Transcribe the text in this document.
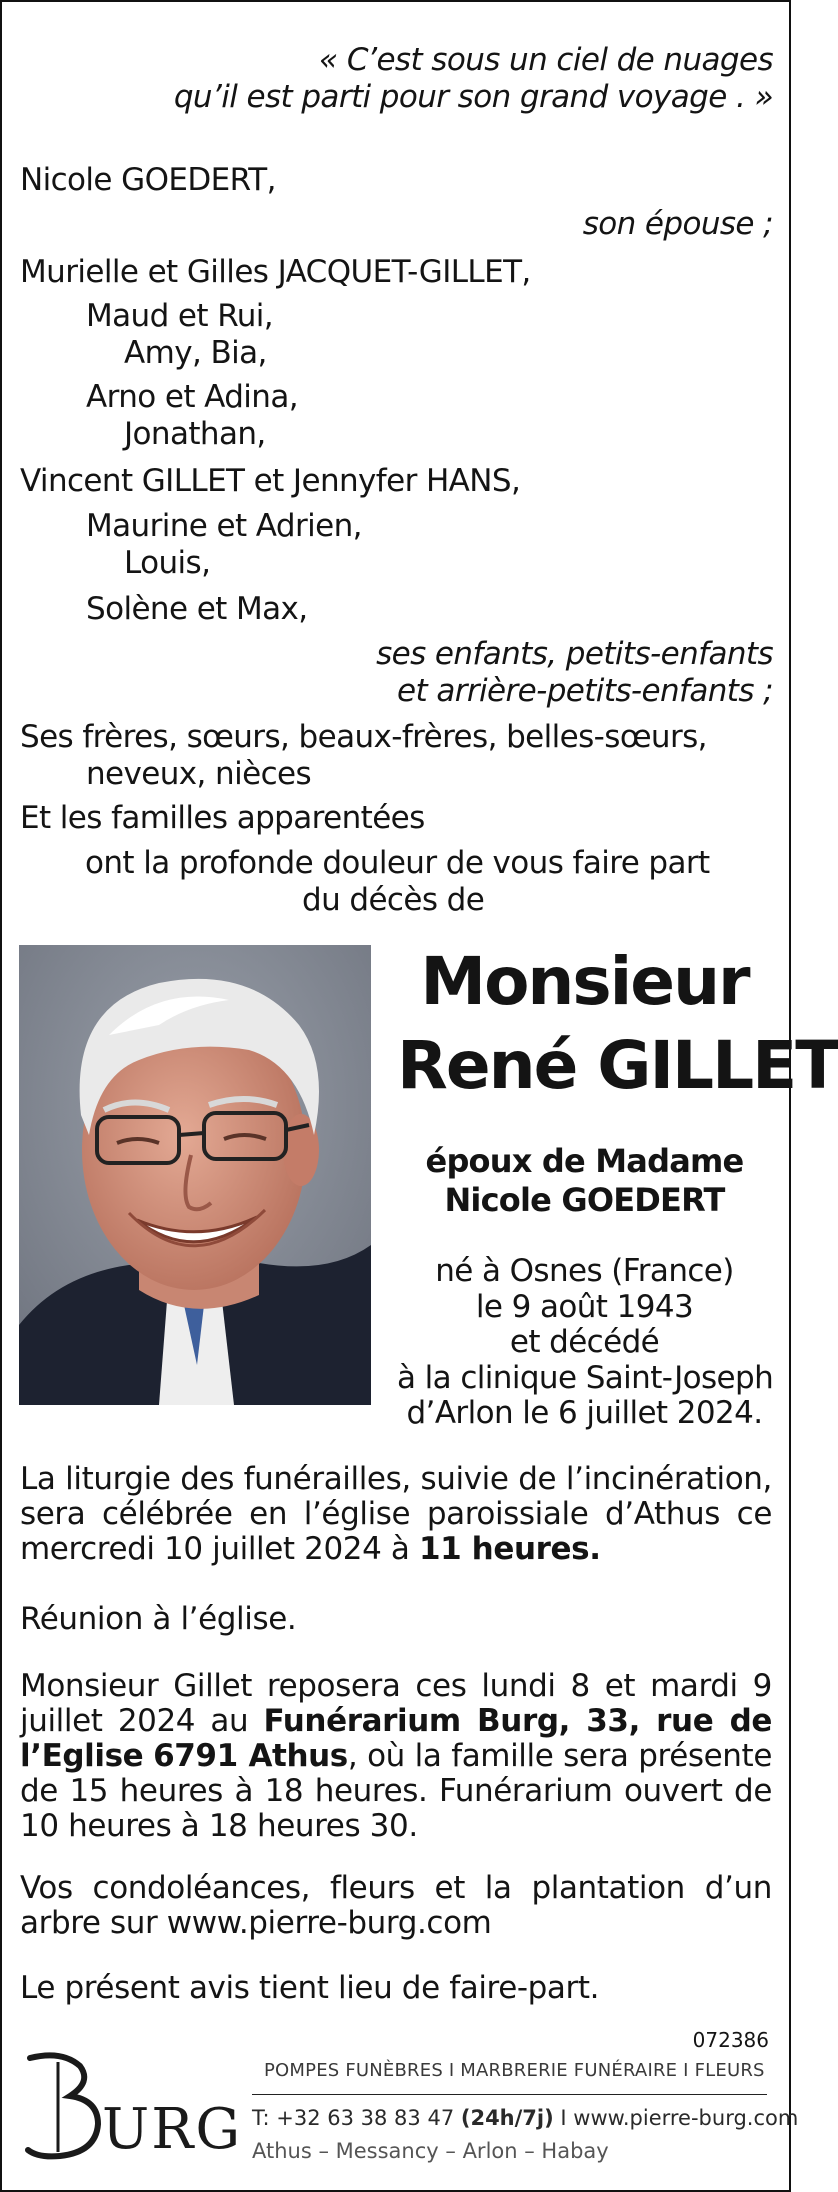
« C’est sous un ciel de nuages
qu’il est parti pour son grand voyage . »
Nicole GOEDERT,
son épouse ;
Murielle et Gilles JACQUET-GILLET,
Maud et Rui,
Amy, Bia,
Arno et Adina,
Jonathan,
Vincent GILLET et Jennyfer HANS,
Maurine et Adrien,
Louis,
Solène et Max,
ses enfants, petits-enfants
et arrière-petits-enfants ;
Ses frères, sœurs, beaux-frères, belles-sœurs,
neveux, nièces
Et les familles apparentées
ont la profonde douleur de vous faire part
du décès de
Monsieur
René GILLET
époux de Madame
Nicole GOEDERT
né à Osnes (France)
le 9 août 1943
et décédé
à la clinique Saint-Joseph
d’Arlon le 6 juillet 2024.
La liturgie des funérailles, suivie de l’incinération, sera célébrée en l’église paroissiale d’Athus ce mercredi 10 juillet 2024 à 11 heures.
Réunion à l’église.
Monsieur Gillet reposera ces lundi 8 et mardi 9 juillet 2024 au Funérarium Burg, 33, rue de l’Eglise 6791 Athus, où la famille sera présente de 15 heures à 18 heures. Funérarium ouvert de 10 heures à 18 heures 30.
Vos condoléances, fleurs et la plantation d’un arbre sur www.pierre-burg.com
Le présent avis tient lieu de faire-part.
072386
URG
POMPES FUNÈBRES I MARBRERIE FUNÉRAIRE I FLEURS
T: +32 63 38 83 47 (24h/7j) I www.pierre-burg.com
Athus – Messancy – Arlon – Habay
